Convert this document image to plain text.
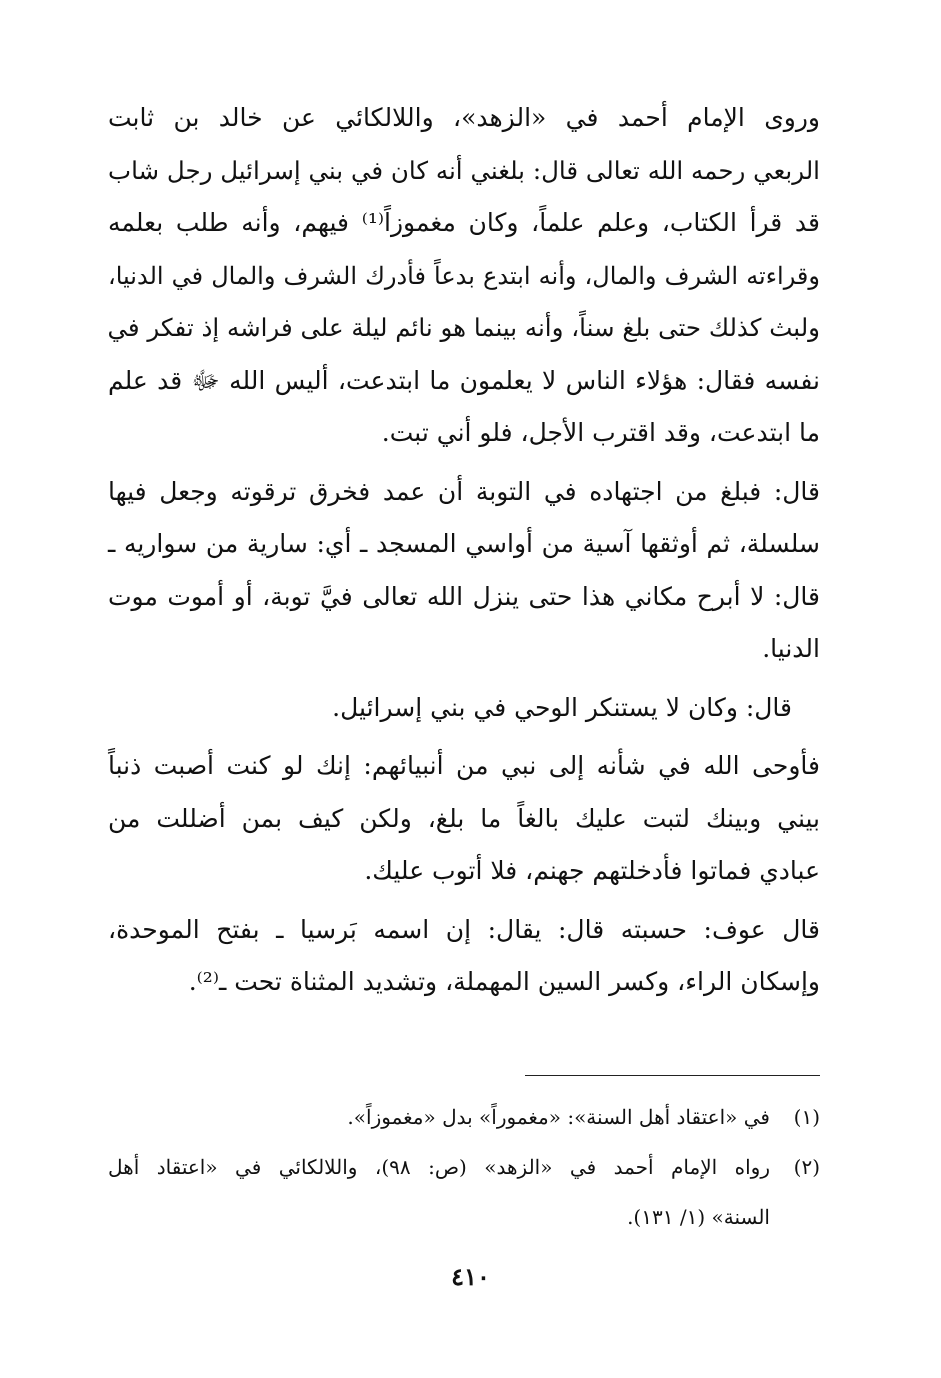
وروى الإمام أحمد في «الزهد»، واللالكائي عن خالد بن ثابت
الربعي رحمه الله تعالى قال: بلغني أنه كان في بني إسرائيل رجل شاب
قد قرأ الكتاب، وعلم علماً، وكان مغموزاً⁽¹⁾ فيهم، وأنه طلب بعلمه
وقراءته الشرف والمال، وأنه ابتدع بدعاً فأدرك الشرف والمال في الدنيا،
ولبث كذلك حتى بلغ سناً، وأنه بينما هو نائم ليلة على فراشه إذ تفكر في
نفسه فقال: هؤلاء الناس لا يعلمون ما ابتدعت، أليس الله ﷻ قد علم
ما ابتدعت، وقد اقترب الأجل، فلو أني تبت.
قال: فبلغ من اجتهاده في التوبة أن عمد فخرق ترقوته وجعل فيها
سلسلة، ثم أوثقها آسية من أواسي المسجد ـ أي: سارية من سواريه ـ
قال: لا أبرح مكاني هذا حتى ينزل الله تعالى فيَّ توبة، أو أموت موت
الدنيا.
قال: وكان لا يستنكر الوحي في بني إسرائيل.
فأوحى الله في شأنه إلى نبي من أنبيائهم: إنك لو كنت أصبت ذنباً
بيني وبينك لتبت عليك بالغاً ما بلغ، ولكن كيف بمن أضللت من
عبادي فماتوا فأدخلتهم جهنم، فلا أتوب عليك.
قال عوف: حسبته قال: يقال: إن اسمه بَرسيا ـ بفتح الموحدة،
وإسكان الراء، وكسر السين المهملة، وتشديد المثناة تحت ـ⁽²⁾.
(١)
في «اعتقاد أهل السنة»: «مغموراً» بدل «مغموزاً».
(٢)
رواه الإمام أحمد في «الزهد» (ص: ٩٨)، واللالكائي في «اعتقاد أهل
السنة» (١/ ١٣١).
٤١٠
